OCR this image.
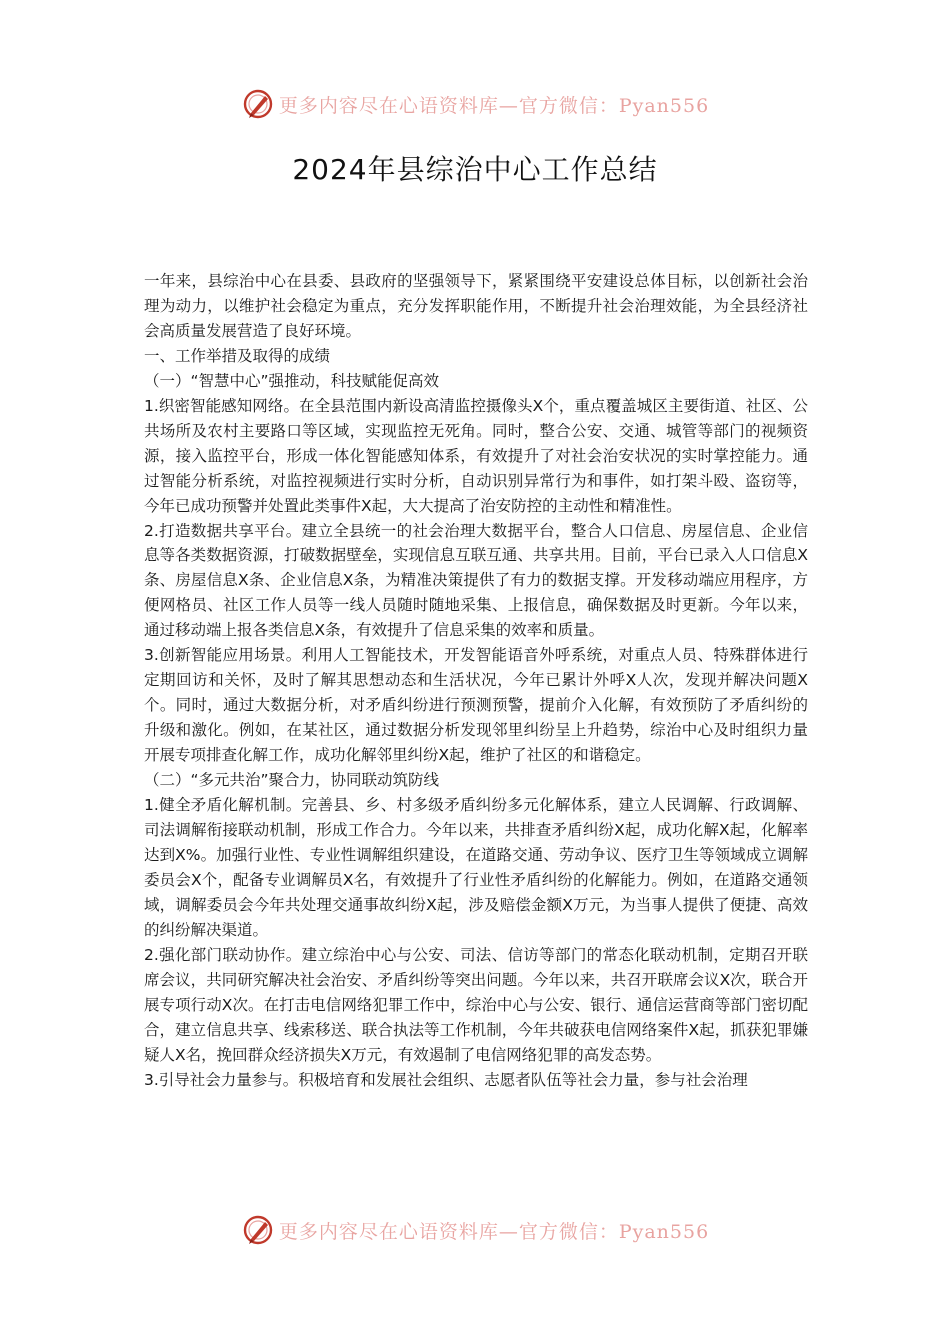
更多内容尽在心语资料库—官方微信：Pyan556
2024年县综治中心工作总结

一年来，县综治中心在县委、县政府的坚强领导下，紧紧围绕平安建设总体目标，以创新社会治理为动力，以维护社会稳定为重点，充分发挥职能作用，不断提升社会治理效能，为全县经济社会高质量发展营造了良好环境。

一、工作举措及取得的成绩

（一）“智慧中心”强推动，科技赋能促高效

1.织密智能感知网络。在全县范围内新设高清监控摄像头X个，重点覆盖城区主要街道、社区、公共场所及农村主要路口等区域，实现监控无死角。同时，整合公安、交通、城管等部门的视频资源，接入监控平台，形成一体化智能感知体系，有效提升了对社会治安状况的实时掌控能力。通过智能分析系统，对监控视频进行实时分析，自动识别异常行为和事件，如打架斗殴、盗窃等，今年已成功预警并处置此类事件X起，大大提高了治安防控的主动性和精准性。

2.打造数据共享平台。建立全县统一的社会治理大数据平台，整合人口信息、房屋信息、企业信息等各类数据资源，打破数据壁垒，实现信息互联互通、共享共用。目前，平台已录入人口信息X条、房屋信息X条、企业信息X条，为精准决策提供了有力的数据支撑。开发移动端应用程序，方便网格员、社区工作人员等一线人员随时随地采集、上报信息，确保数据及时更新。今年以来，通过移动端上报各类信息X条，有效提升了信息采集的效率和质量。

3.创新智能应用场景。利用人工智能技术，开发智能语音外呼系统，对重点人员、特殊群体进行定期回访和关怀，及时了解其思想动态和生活状况，今年已累计外呼X人次，发现并解决问题X个。同时，通过大数据分析，对矛盾纠纷进行预测预警，提前介入化解，有效预防了矛盾纠纷的升级和激化。例如，在某社区，通过数据分析发现邻里纠纷呈上升趋势，综治中心及时组织力量开展专项排查化解工作，成功化解邻里纠纷X起，维护了社区的和谐稳定。

（二）“多元共治”聚合力，协同联动筑防线

1.健全矛盾化解机制。完善县、乡、村多级矛盾纠纷多元化解体系，建立人民调解、行政调解、司法调解衔接联动机制，形成工作合力。今年以来，共排查矛盾纠纷X起，成功化解X起，化解率达到X%。加强行业性、专业性调解组织建设，在道路交通、劳动争议、医疗卫生等领域成立调解委员会X个，配备专业调解员X名，有效提升了行业性矛盾纠纷的化解能力。例如，在道路交通领域，调解委员会今年共处理交通事故纠纷X起，涉及赔偿金额X万元，为当事人提供了便捷、高效的纠纷解决渠道。

2.强化部门联动协作。建立综治中心与公安、司法、信访等部门的常态化联动机制，定期召开联席会议，共同研究解决社会治安、矛盾纠纷等突出问题。今年以来，共召开联席会议X次，联合开展专项行动X次。在打击电信网络犯罪工作中，综治中心与公安、银行、通信运营商等部门密切配合，建立信息共享、线索移送、联合执法等工作机制，今年共破获电信网络案件X起，抓获犯罪嫌疑人X名，挽回群众经济损失X万元，有效遏制了电信网络犯罪的高发态势。

3.引导社会力量参与。积极培育和发展社会组织、志愿者队伍等社会力量，参与社会治理

更多内容尽在心语资料库—官方微信：Pyan556
